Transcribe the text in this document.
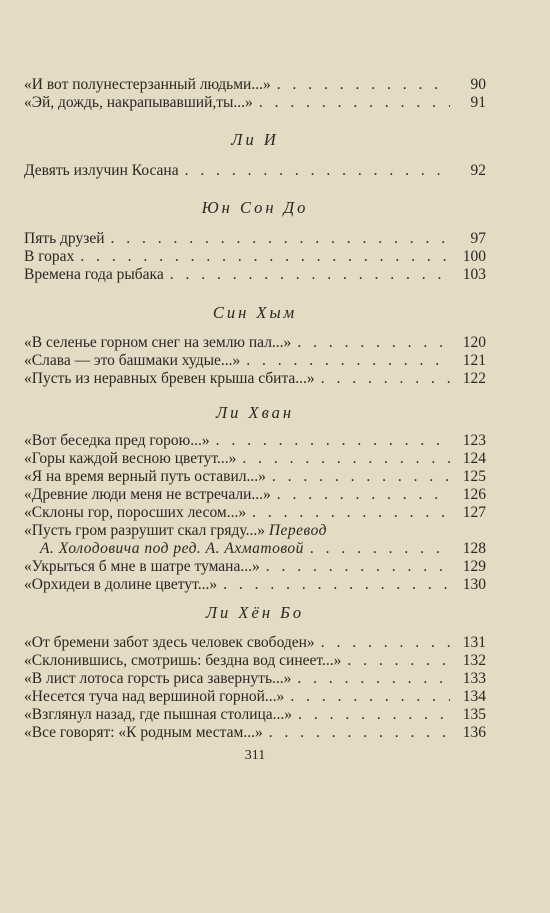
«И вот полунестерзанный людьми...» . . .	90
«Эй, дождь, накрапывавший,ты...» . . .	91
Ли И
Девять излучин Косана . . .	92
Юн Сон До
Пять друзей . . .	97
В горах . . .	100
Времена года рыбака . . .	103
Син Хым
«В селенье горном снег на землю пал...» . . .	120
«Слава — это башмаки худые...» . . .	121
«Пусть из неравных бревен крыша сбита...» . . .	122
Ли Хван
«Вот беседка пред горою...» . . .	123
«Горы каждой весною цветут...» . . .	124
«Я на время верный путь оставил...» . . .	125
«Древние люди меня не встречали...» . . .	126
«Склоны гор, поросших лесом...» . . .	127
«Пусть гром разрушит скал гряду...» Перевод
А. Холодовича под ред. А. Ахматовой . . .	128
«Укрыться б мне в шатре тумана...» . . .	129
«Орхидеи в долине цветут...» . . .	130
Ли Хён Бо
«От бремени забот здесь человек свободен» . . .	131
«Склонившись, смотришь: бездна вод синеет...» . . .	132
«В лист лотоса горсть риса завернуть...» . . .	133
«Несется туча над вершиной горной...» . . .	134
«Взглянул назад, где пышная столица...» . . .	135
«Все говорят: «К родным местам...» . . .	136
311
